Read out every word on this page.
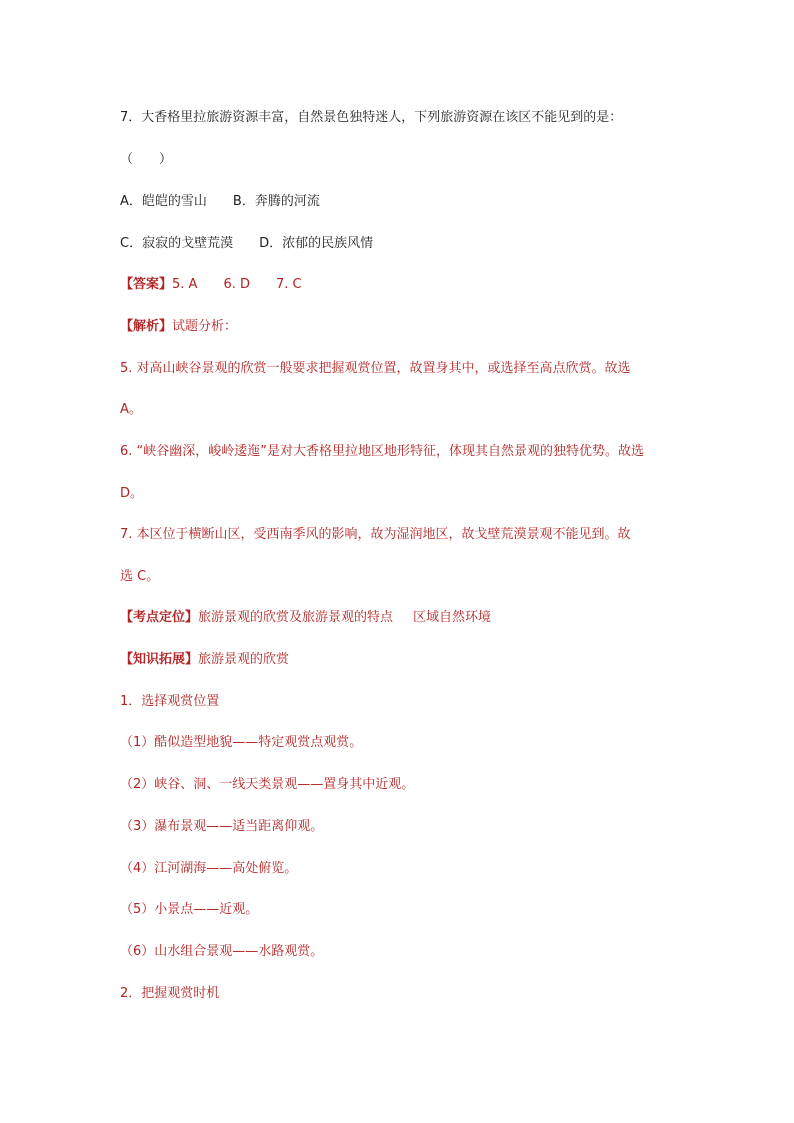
7．大香格里拉旅游资源丰富，自然景色独特迷人，下列旅游资源在该区不能见到的是：
（　　）
A．皑皑的雪山 B．奔腾的河流
C．寂寂的戈壁荒漠 D．浓郁的民族风情
【答案】5. A 6. D 7. C
【解析】试题分析：
5. 对高山峡谷景观的欣赏一般要求把握观赏位置，故置身其中，或选择至高点欣赏。故选
A。
6. “峡谷幽深，峻岭逶迤”是对大香格里拉地区地形特征，体现其自然景观的独特优势。故选
D。
7. 本区位于横断山区，受西南季风的影响，故为湿润地区，故戈壁荒漠景观不能见到。故
选 C。
【考点定位】旅游景观的欣赏及旅游景观的特点 区域自然环境
【知识拓展】旅游景观的欣赏
1．选择观赏位置
（1）酷似造型地貌——特定观赏点观赏。
（2）峡谷、洞、一线天类景观——置身其中近观。
（3）瀑布景观——适当距离仰观。
（4）江河湖海——高处俯览。
（5）小景点——近观。
（6）山水组合景观——水路观赏。
2．把握观赏时机
